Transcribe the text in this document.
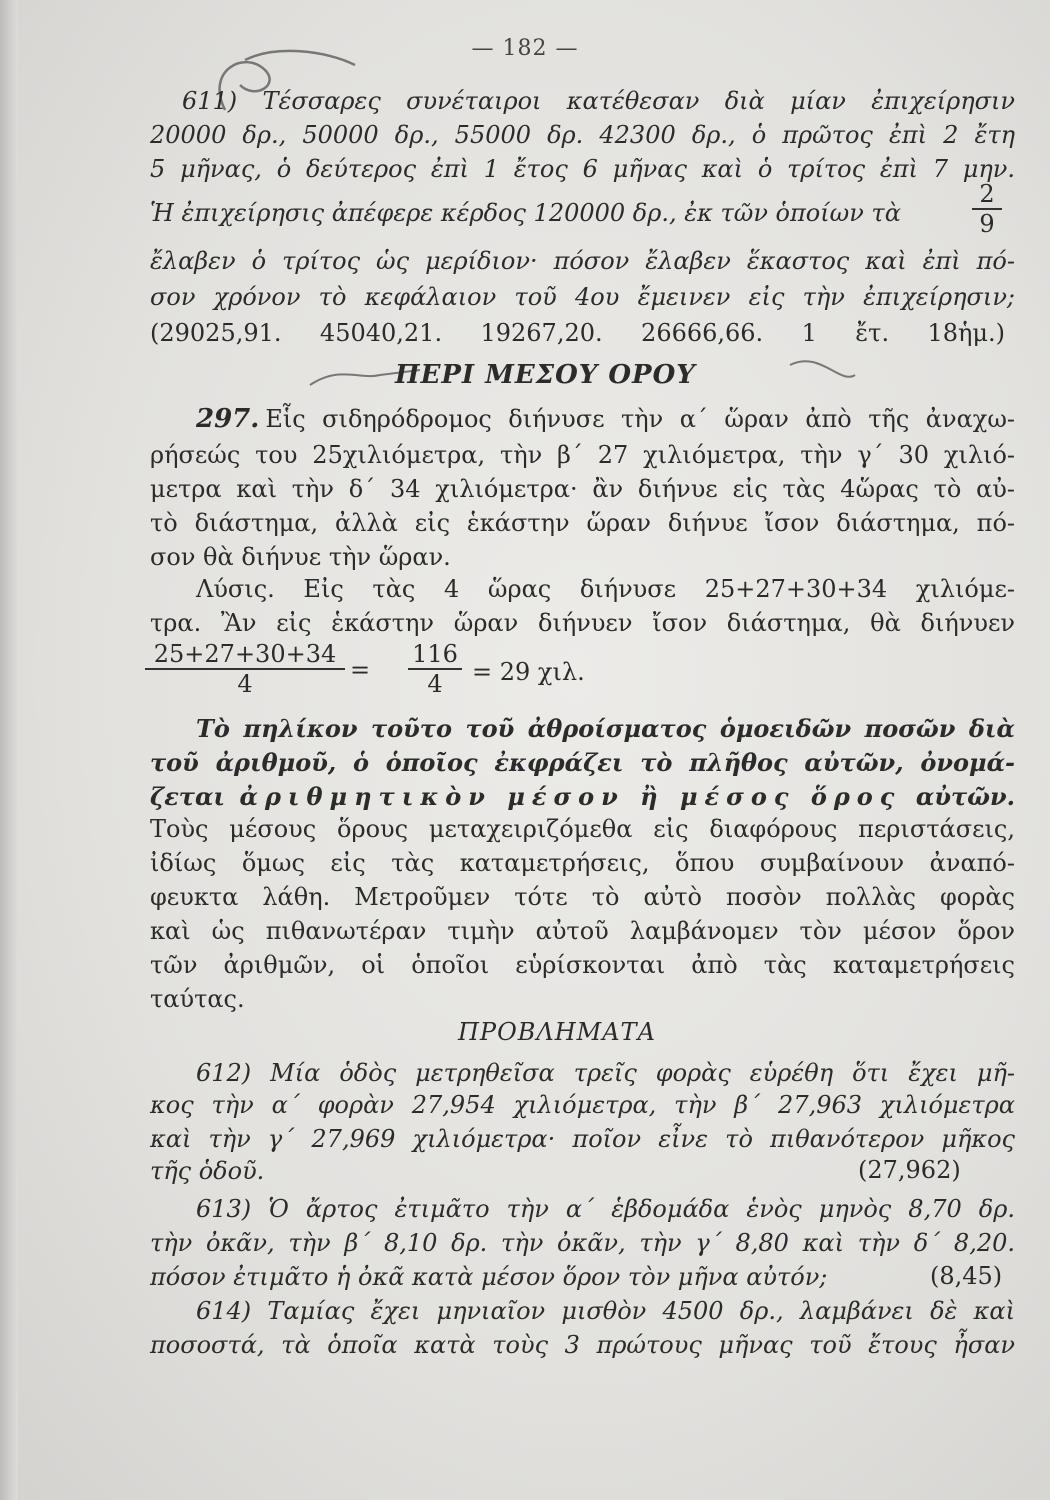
— 182 —
611) Τέσσαρες συνέταιροι κατέθεσαν διὰ μίαν ἐπιχείρησιν
20000 δρ., 50000 δρ., 55000 δρ. 42300 δρ., ὁ πρῶτος ἐπὶ 2 ἔτη
5 μῆνας, ὁ δεύτερος ἐπὶ 1 ἔτος 6 μῆνας καὶ ὁ τρίτος ἐπὶ 7 μην.
Ἡ ἐπιχείρησις ἀπέφερε κέρδος 120000 δρ., ἐκ τῶν ὁποίων τὰ	$\frac{2}{9}$
ἔλαβεν ὁ τρίτος ὡς μερίδιον· πόσον ἔλαβεν ἕκαστος καὶ ἐπὶ πό-
σον χρόνον τὸ κεφάλαιον τοῦ 4ου ἔμεινεν εἰς τὴν ἐπιχείρησιν;
(29025,91. 45040,21. 19267,20. 26666,66. 1 ἔτ. 18ἡμ.)
ΠΕΡΙ ΜΕΣΟΥ ΟΡΟΥ
297. Εἷς σιδηρόδρομος διήνυσε τὴν α΄ ὥραν ἀπὸ τῆς ἀναχω-
ρήσεώς του 25χιλιόμετρα, τὴν β΄ 27 χιλιόμετρα, τὴν γ΄ 30 χιλιό-
μετρα καὶ τὴν δ΄ 34 χιλιόμετρα· ἂν διήνυε εἰς τὰς 4ὥρας τὸ αὐ-
τὸ διάστημα, ἀλλὰ εἰς ἑκάστην ὥραν διήνυε ἴσον διάστημα, πό-
σον θὰ διήνυε τὴν ὥραν.
Λύσις. Εἰς τὰς 4 ὥρας διήνυσε 25+27+30+34 χιλιόμε-
τρα. Ἂν εἰς ἑκάστην ὥραν διήνυεν ἴσον διάστημα, θὰ διήνυεν
$\frac{25+27+30+34}{4} = \frac{116}{4} = 29$ χιλ.
Τὸ πηλίκον τοῦτο τοῦ ἀθροίσματος ὁμοειδῶν ποσῶν διὰ
τοῦ ἀριθμοῦ, ὁ ὁποῖος ἐκφράζει τὸ πλῆθος αὐτῶν, ὀνομά-
ζεται ἀριθμητικὸν μέσον ἢ μέσος ὅρος αὐτῶν.
Τοὺς μέσους ὅρους μεταχειριζόμεθα εἰς διαφόρους περιστάσεις,
ἰδίως ὅμως εἰς τὰς καταμετρήσεις, ὅπου συμβαίνουν ἀναπό-
φευκτα λάθη. Μετροῦμεν τότε τὸ αὐτὸ ποσὸν πολλὰς φορὰς
καὶ ὡς πιθανωτέραν τιμὴν αὐτοῦ λαμβάνομεν τὸν μέσον ὅρον
τῶν ἀριθμῶν, οἱ ὁποῖοι εὑρίσκονται ἀπὸ τὰς καταμετρήσεις
ταύτας.
ΠΡΟΒΛΗΜΑΤΑ
612) Μία ὁδὸς μετρηθεῖσα τρεῖς φορὰς εὑρέθη ὅτι ἔχει μῆ-
κος τὴν α΄ φορὰν 27,954 χιλιόμετρα, τὴν β΄ 27,963 χιλιόμετρα
καὶ τὴν γ΄ 27,969 χιλιόμετρα· ποῖον εἶνε τὸ πιθανότερον μῆκος
τῆς ὁδοῦ.	(27,962)
613) Ὁ ἄρτος ἐτιμᾶτο τὴν α΄ ἑβδομάδα ἑνὸς μηνὸς 8,70 δρ.
τὴν ὀκᾶν, τὴν β΄ 8,10 δρ. τὴν ὀκᾶν, τὴν γ΄ 8,80 καὶ τὴν δ΄ 8,20.
πόσον ἐτιμᾶτο ἡ ὀκᾶ κατὰ μέσον ὅρον τὸν μῆνα αὐτόν;	(8,45)
614) Ταμίας ἔχει μηνιαῖον μισθὸν 4500 δρ., λαμβάνει δὲ καὶ
ποσοστά, τὰ ὁποῖα κατὰ τοὺς 3 πρώτους μῆνας τοῦ ἔτους ἦσαν
